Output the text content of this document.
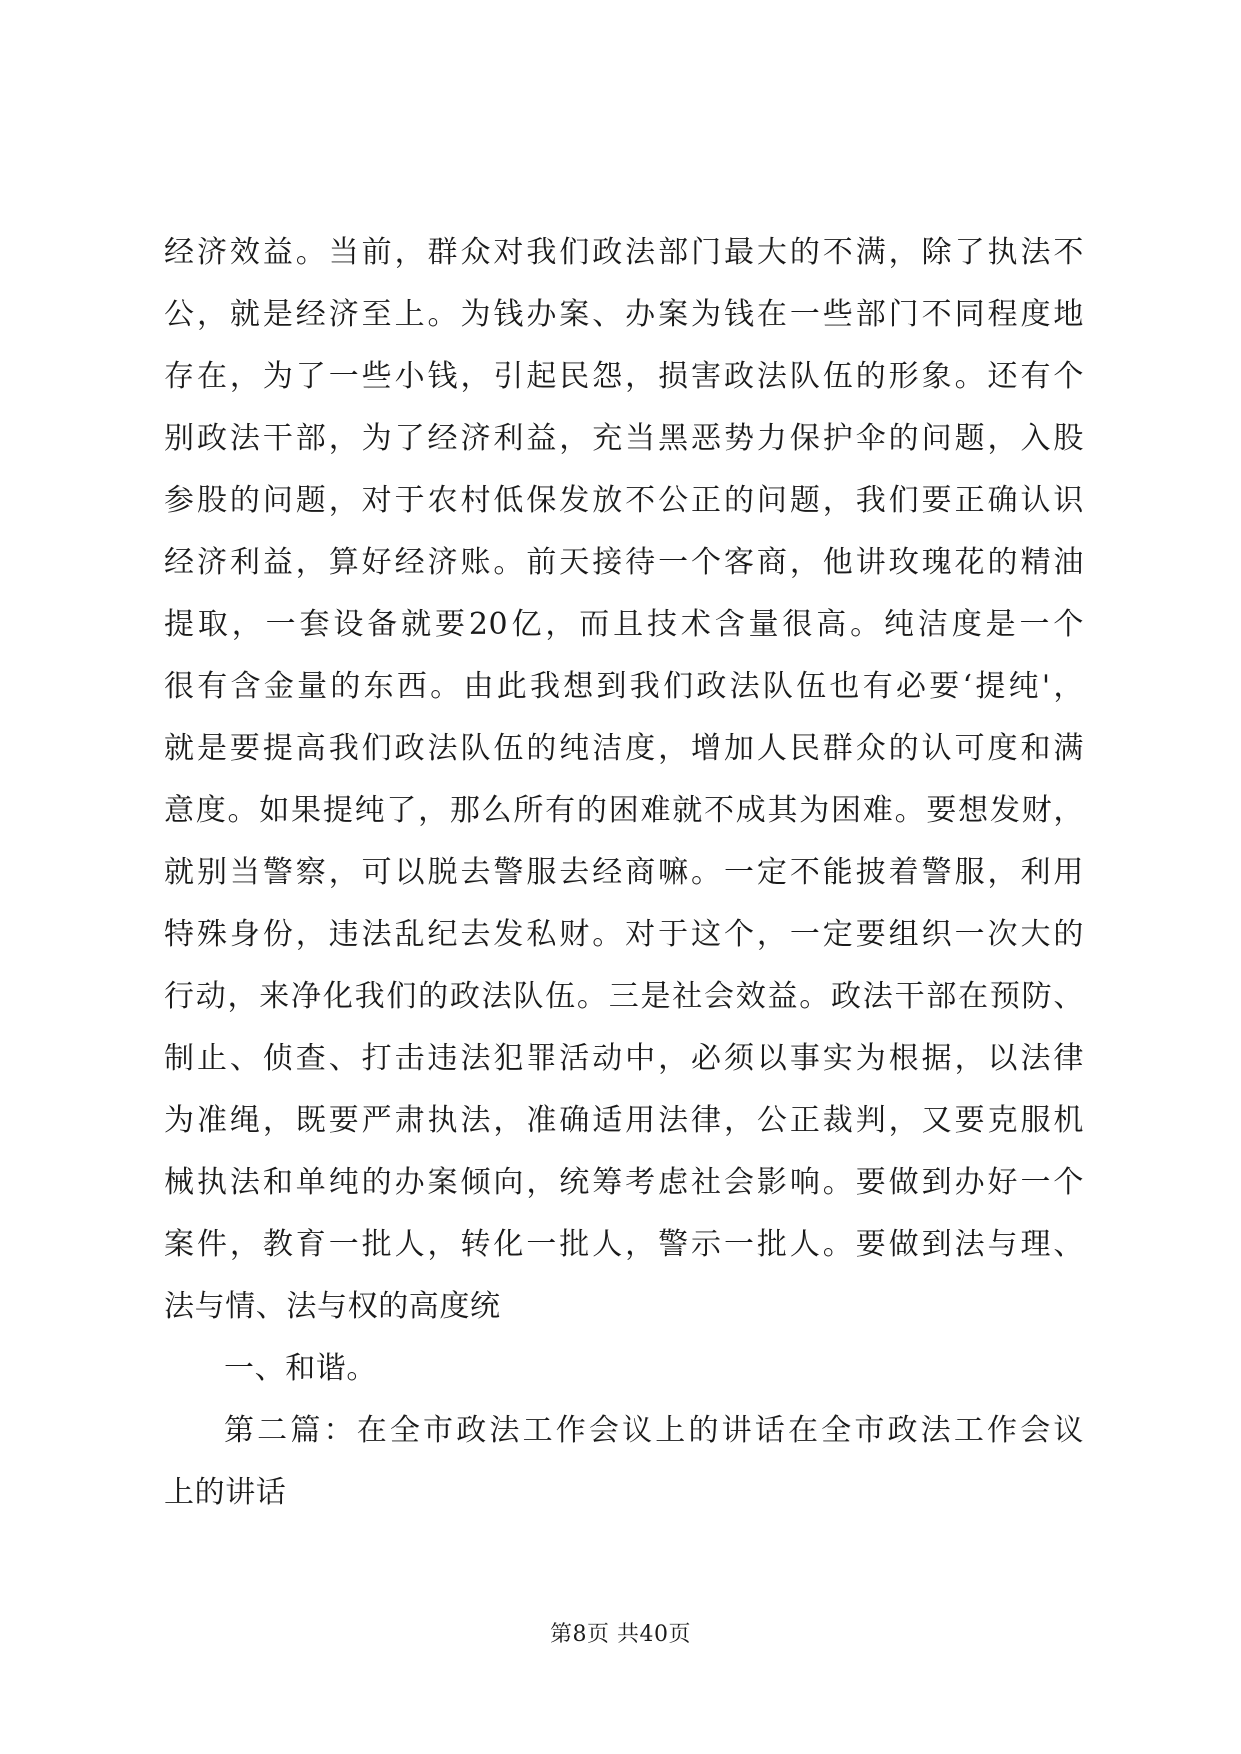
经济效益。当前，群众对我们政法部门最大的不满，除了执法不
公，就是经济至上。为钱办案、办案为钱在一些部门不同程度地
存在，为了一些小钱，引起民怨，损害政法队伍的形象。还有个
别政法干部，为了经济利益，充当黑恶势力保护伞的问题，入股
参股的问题，对于农村低保发放不公正的问题，我们要正确认识
经济利益，算好经济账。前天接待一个客商，他讲玫瑰花的精油
提取，一套设备就要20亿，而且技术含量很高。纯洁度是一个
很有含金量的东西。由此我想到我们政法队伍也有必要‘提纯'，
就是要提高我们政法队伍的纯洁度，增加人民群众的认可度和满
意度。如果提纯了，那么所有的困难就不成其为困难。要想发财，
就别当警察，可以脱去警服去经商嘛。一定不能披着警服，利用
特殊身份，违法乱纪去发私财。对于这个，一定要组织一次大的
行动，来净化我们的政法队伍。三是社会效益。政法干部在预防、
制止、侦查、打击违法犯罪活动中，必须以事实为根据，以法律
为准绳，既要严肃执法，准确适用法律，公正裁判，又要克服机
械执法和单纯的办案倾向，统筹考虑社会影响。要做到办好一个
案件，教育一批人，转化一批人，警示一批人。要做到法与理、
法与情、法与权的高度统
一、和谐。
第二篇：在全市政法工作会议上的讲话在全市政法工作会议
上的讲话
第8页 共40页
